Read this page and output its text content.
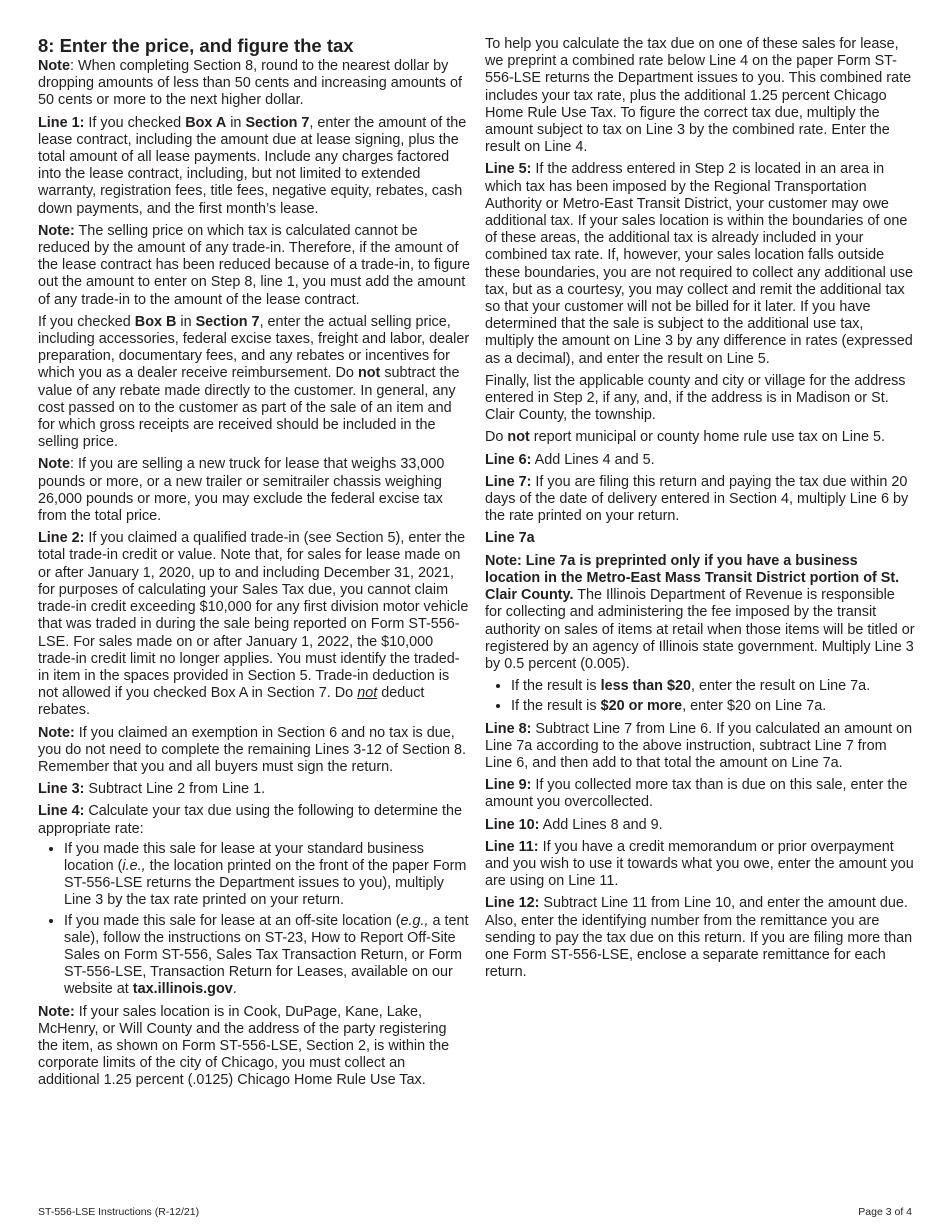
8: Enter the price, and figure the tax

Note: When completing Section 8, round to the nearest dollar by dropping amounts of less than 50 cents and increasing amounts of 50 cents or more to the next higher dollar.

Line 1: If you checked Box A in Section 7, enter the amount of the lease contract, including the amount due at lease signing, plus the total amount of all lease payments. Include any charges factored into the lease contract, including, but not limited to extended warranty, registration fees, title fees, negative equity, rebates, cash down payments, and the first month’s lease.

Note: The selling price on which tax is calculated cannot be reduced by the amount of any trade-in. Therefore, if the amount of the lease contract has been reduced because of a trade-in, to figure out the amount to enter on Step 8, line 1, you must add the amount of any trade-in to the amount of the lease contract.

If you checked Box B in Section 7, enter the actual selling price, including accessories, federal excise taxes, freight and labor, dealer preparation, documentary fees, and any rebates or incentives for which you as a dealer receive reimbursement. Do not subtract the value of any rebate made directly to the customer. In general, any cost passed on to the customer as part of the sale of an item and for which gross receipts are received should be included in the selling price.

Note: If you are selling a new truck for lease that weighs 33,000 pounds or more, or a new trailer or semitrailer chassis weighing 26,000 pounds or more, you may exclude the federal excise tax from the total price.

Line 2: If you claimed a qualified trade-in (see Section 5), enter the total trade-in credit or value. Note that, for sales for lease made on or after January 1, 2020, up to and including December 31, 2021, for purposes of calculating your Sales Tax due, you cannot claim trade-in credit exceeding $10,000 for any first division motor vehicle that was traded in during the sale being reported on Form ST-556-LSE. For sales made on or after January 1, 2022, the $10,000 trade-in credit limit no longer applies. You must identify the traded-in item in the spaces provided in Section 5. Trade-in deduction is not allowed if you checked Box A in Section 7. Do not deduct rebates.

Note: If you claimed an exemption in Section 6 and no tax is due, you do not need to complete the remaining Lines 3-12 of Section 8. Remember that you and all buyers must sign the return.

Line 3: Subtract Line 2 from Line 1.

Line 4: Calculate your tax due using the following to determine the appropriate rate:

• If you made this sale for lease at your standard business location (i.e., the location printed on the front of the paper Form ST-556-LSE returns the Department issues to you), multiply Line 3 by the tax rate printed on your return.
• If you made this sale for lease at an off-site location (e.g., a tent sale), follow the instructions on ST-23, How to Report Off-Site Sales on Form ST-556, Sales Tax Transaction Return, or Form ST-556-LSE, Transaction Return for Leases, available on our website at tax.illinois.gov.

Note: If your sales location is in Cook, DuPage, Kane, Lake, McHenry, or Will County and the address of the party registering the item, as shown on Form ST-556-LSE, Section 2, is within the corporate limits of the city of Chicago, you must collect an additional 1.25 percent (.0125) Chicago Home Rule Use Tax.

To help you calculate the tax due on one of these sales for lease, we preprint a combined rate below Line 4 on the paper Form ST-556-LSE returns the Department issues to you. This combined rate includes your tax rate, plus the additional 1.25 percent Chicago Home Rule Use Tax. To figure the correct tax due, multiply the amount subject to tax on Line 3 by the combined rate. Enter the result on Line 4.

Line 5: If the address entered in Step 2 is located in an area in which tax has been imposed by the Regional Transportation Authority or Metro-East Transit District, your customer may owe additional tax. If your sales location is within the boundaries of one of these areas, the additional tax is already included in your combined tax rate. If, however, your sales location falls outside these boundaries, you are not required to collect any additional use tax, but as a courtesy, you may collect and remit the additional tax so that your customer will not be billed for it later. If you have determined that the sale is subject to the additional use tax, multiply the amount on Line 3 by any difference in rates (expressed as a decimal), and enter the result on Line 5.

Finally, list the applicable county and city or village for the address entered in Step 2, if any, and, if the address is in Madison or St. Clair County, the township.

Do not report municipal or county home rule use tax on Line 5.

Line 6: Add Lines 4 and 5.

Line 7: If you are filing this return and paying the tax due within 20 days of the date of delivery entered in Section 4, multiply Line 6 by the rate printed on your return.

Line 7a

Note: Line 7a is preprinted only if you have a business location in the Metro-East Mass Transit District portion of St. Clair County. The Illinois Department of Revenue is responsible for collecting and administering the fee imposed by the transit authority on sales of items at retail when those items will be titled or registered by an agency of Illinois state government. Multiply Line 3 by 0.5 percent (0.005).

• If the result is less than $20, enter the result on Line 7a.
• If the result is $20 or more, enter $20 on Line 7a.

Line 8: Subtract Line 7 from Line 6. If you calculated an amount on Line 7a according to the above instruction, subtract Line 7 from Line 6, and then add to that total the amount on Line 7a.

Line 9: If you collected more tax than is due on this sale, enter the amount you overcollected.

Line 10: Add Lines 8 and 9.

Line 11: If you have a credit memorandum or prior overpayment and you wish to use it towards what you owe, enter the amount you are using on Line 11.

Line 12: Subtract Line 11 from Line 10, and enter the amount due. Also, enter the identifying number from the remittance you are sending to pay the tax due on this return. If you are filing more than one Form ST-556-LSE, enclose a separate remittance for each return.

ST-556-LSE Instructions (R-12/21)	Page 3 of 4
